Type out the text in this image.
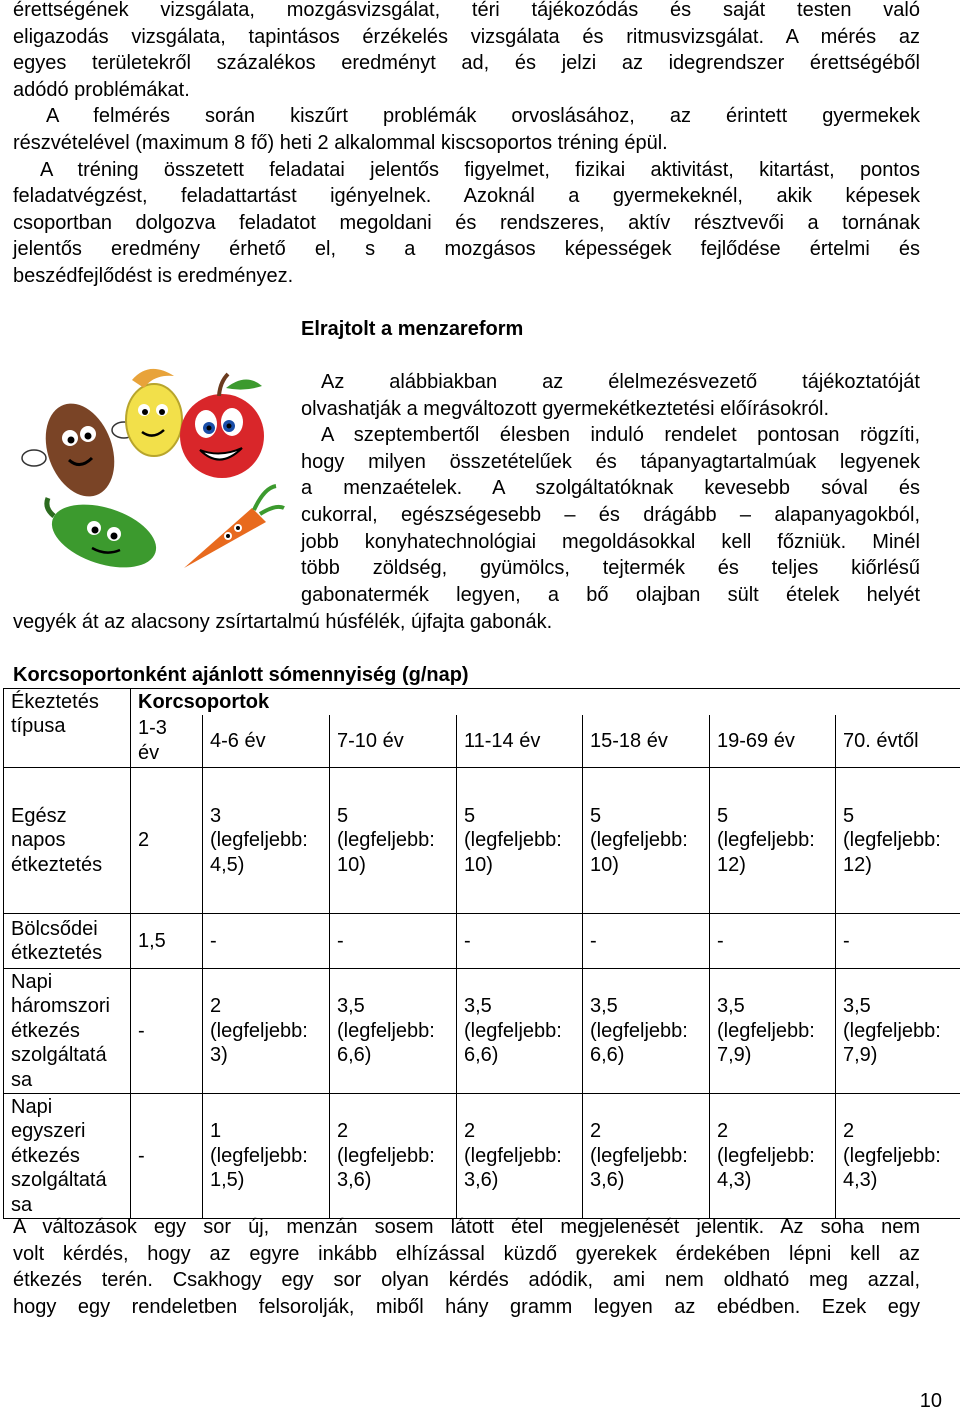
érettségének vizsgálata, mozgásvizsgálat, téri tájékozódás és saját testen való
eligazodás vizsgálata, tapintásos érzékelés vizsgálata és ritmusvizsgálat. A mérés az
egyes területekről százalékos eredményt ad, és jelzi az idegrendszer érettségéből
adódó problémákat.
A felmérés során kiszűrt problémák orvoslásához, az érintett gyermekek
részvételével (maximum 8 fő) heti 2 alkalommal kiscsoportos tréning épül.
A tréning összetett feladatai jelentős figyelmet, fizikai aktivitást, kitartást, pontos
feladatvégzést, feladattartást igényelnek. Azoknál a gyermekeknél, akik képesek
csoportban dolgozva feladatot megoldani és rendszeres, aktív résztvevői a tornának
jelentős eredmény érhető el, s a mozgásos képességek fejlődése értelmi és
beszédfejlődést is eredményez.
Elrajtolt a menzareform
Az alábbiakban az élelmezésvezető tájékoztatóját
olvashatják a megváltozott gyermekétkeztetési előírásokról.
A szeptembertől élesben induló rendelet pontosan rögzíti,
hogy milyen összetételűek és tápanyagtartalmúak legyenek
a menzaételek. A szolgáltatóknak kevesebb sóval és
cukorral, egészségesebb – és drágább – alapanyagokból,
jobb konyhatechnológiai megoldásokkal kell főzniük. Minél
több zöldség, gyümölcs, tejtermék és teljes kiőrlésű
gabonatermék legyen, a bő olajban sült ételek helyét
vegyék át az alacsony zsírtartalmú húsfélék, újfajta gabonák.
Korcsoportonként ajánlott sómennyiség (g/nap)
Ékeztetés
típusa	Korcsoportok						
	1-3
év	4-6 év	7-10 év	11-14 év	15-18 év	19-69 év	70. évtől
Egész
napos
étkeztetés	2	3
(legfeljebb:
4,5)	5
(legfeljebb:
10)	5
(legfeljebb:
10)	5
(legfeljebb:
10)	5
(legfeljebb:
12)	5
(legfeljebb:
12)
Bölcsődei
étkeztetés	1,5	-	-	-	-	-	-
Napi
háromszori
étkezés
szolgáltatá
sa	-	2
(legfeljebb:
3)	3,5
(legfeljebb:
6,6)	3,5
(legfeljebb:
6,6)	3,5
(legfeljebb:
6,6)	3,5
(legfeljebb:
7,9)	3,5
(legfeljebb:
7,9)
Napi
egyszeri
étkezés
szolgáltatá
sa	-	1
(legfeljebb:
1,5)	2
(legfeljebb:
3,6)	2
(legfeljebb:
3,6)	2
(legfeljebb:
3,6)	2
(legfeljebb:
4,3)	2
(legfeljebb:
4,3)
A változások egy sor új, menzán sosem látott étel megjelenését jelentik. Az soha nem
volt kérdés, hogy az egyre inkább elhízással küzdő gyerekek érdekében lépni kell az
étkezés terén. Csakhogy egy sor olyan kérdés adódik, ami nem oldható meg azzal,
hogy egy rendeletben felsorolják, miből hány gramm legyen az ebédben. Ezek egy
10
